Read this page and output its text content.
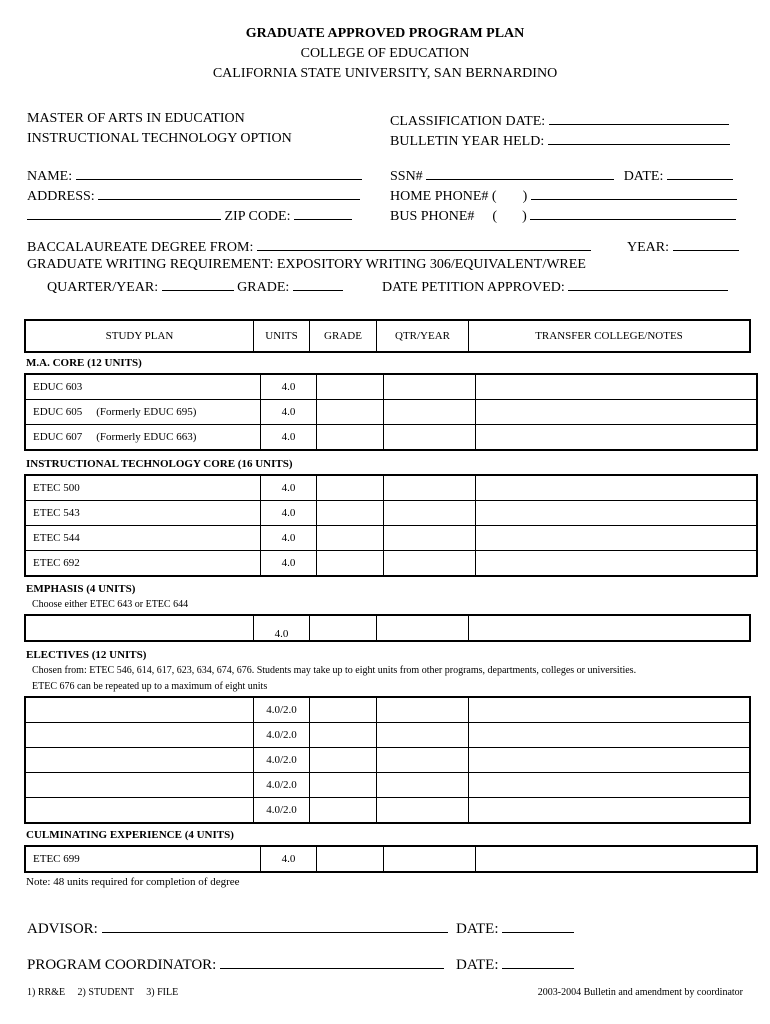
GRADUATE APPROVED PROGRAM PLAN
COLLEGE OF EDUCATION
CALIFORNIA STATE UNIVERSITY, SAN BERNARDINO
MASTER OF ARTS IN EDUCATION
INSTRUCTIONAL TECHNOLOGY OPTION
CLASSIFICATION DATE:
BULLETIN YEAR HELD:
NAME:
ADDRESS:
ZIP CODE:
SSN#	DATE:
HOME PHONE# ( )
BUS PHONE# ( )
BACCALAUREATE DEGREE FROM:	YEAR:
GRADUATE WRITING REQUIREMENT: EXPOSITORY WRITING 306/EQUIVALENT/WREE
QUARTER/YEAR:	GRADE:	DATE PETITION APPROVED:
STUDY PLAN	UNITS	GRADE	QTR/YEAR	TRANSFER COLLEGE/NOTES
M.A. CORE (12 UNITS)
EDUC 603	4.0			
EDUC 605 (Formerly EDUC 695)	4.0			
EDUC 607 (Formerly EDUC 663)	4.0			
INSTRUCTIONAL TECHNOLOGY CORE (16 UNITS)
ETEC 500	4.0			
ETEC 543	4.0			
ETEC 544	4.0			
ETEC 692	4.0			
EMPHASIS (4 UNITS)
Choose either ETEC 643 or ETEC 644
	4.0			
ELECTIVES (12 UNITS)
Chosen from: ETEC 546, 614, 617, 623, 634, 674, 676. Students may take up to eight units from other programs, departments, colleges or universities.
ETEC 676 can be repeated up to a maximum of eight units
	4.0/2.0			
	4.0/2.0			
	4.0/2.0			
	4.0/2.0			
	4.0/2.0			
CULMINATING EXPERIENCE (4 UNITS)
ETEC 699	4.0			
Note: 48 units required for completion of degree
ADVISOR:	DATE:
PROGRAM COORDINATOR:	DATE:
1) RR&E     2) STUDENT     3) FILE	2003-2004 Bulletin and amendment by coordinator
